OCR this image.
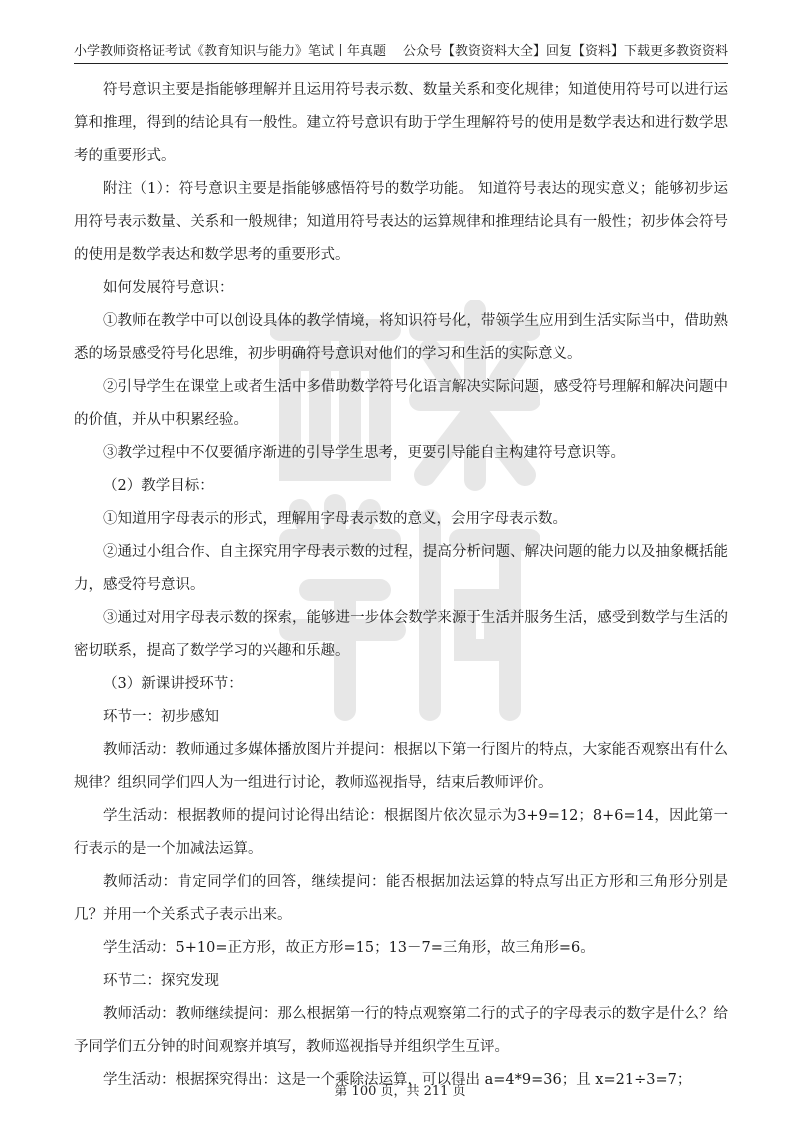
小学教师资格证考试《教育知识与能力》笔试丨年真题 公众号【教资资料大全】回复【资料】下载更多教资资料

符号意识主要是指能够理解并且运用符号表示数、数量关系和变化规律；知道使用符号可以进行运算和推理，得到的结论具有一般性。建立符号意识有助于学生理解符号的使用是数学表达和进行数学思考的重要形式。

附注（1）：符号意识主要是指能够感悟符号的数学功能。 知道符号表达的现实意义；能够初步运用符号表示数量、关系和一般规律；知道用符号表达的运算规律和推理结论具有一般性；初步体会符号的使用是数学表达和数学思考的重要形式。

如何发展符号意识：

①教师在教学中可以创设具体的教学情境，将知识符号化，带领学生应用到生活实际当中，借助熟悉的场景感受符号化思维，初步明确符号意识对他们的学习和生活的实际意义。

②引导学生在课堂上或者生活中多借助数学符号化语言解决实际问题，感受符号理解和解决问题中的价值，并从中积累经验。

③教学过程中不仅要循序渐进的引导学生思考，更要引导能自主构建符号意识等。

（2）教学目标：

①知道用字母表示的形式，理解用字母表示数的意义，会用字母表示数。

②通过小组合作、自主探究用字母表示数的过程，提高分析问题、解决问题的能力以及抽象概括能力，感受符号意识。

③通过对用字母表示数的探索，能够进一步体会数学来源于生活并服务生活，感受到数学与生活的密切联系，提高了数学学习的兴趣和乐趣。

（3）新课讲授环节：

环节一：初步感知

教师活动：教师通过多媒体播放图片并提问：根据以下第一行图片的特点，大家能否观察出有什么规律？组织同学们四人为一组进行讨论，教师巡视指导，结束后教师评价。

学生活动：根据教师的提问讨论得出结论：根据图片依次显示为3+9=12；8+6=14，因此第一行表示的是一个加减法运算。

教师活动：肯定同学们的回答，继续提问：能否根据加法运算的特点写出正方形和三角形分别是几？并用一个关系式子表示出来。

学生活动：5+10=正方形，故正方形=15；13－7=三角形，故三角形=6。

环节二：探究发现

教师活动：教师继续提问：那么根据第一行的特点观察第二行的式子的字母表示的数字是什么？给予同学们五分钟的时间观察并填写，教师巡视指导并组织学生互评。

学生活动：根据探究得出：这是一个乘除法运算，可以得出 a=4*9=36；且 x=21÷3=7；

第 100 页，共 211 页
